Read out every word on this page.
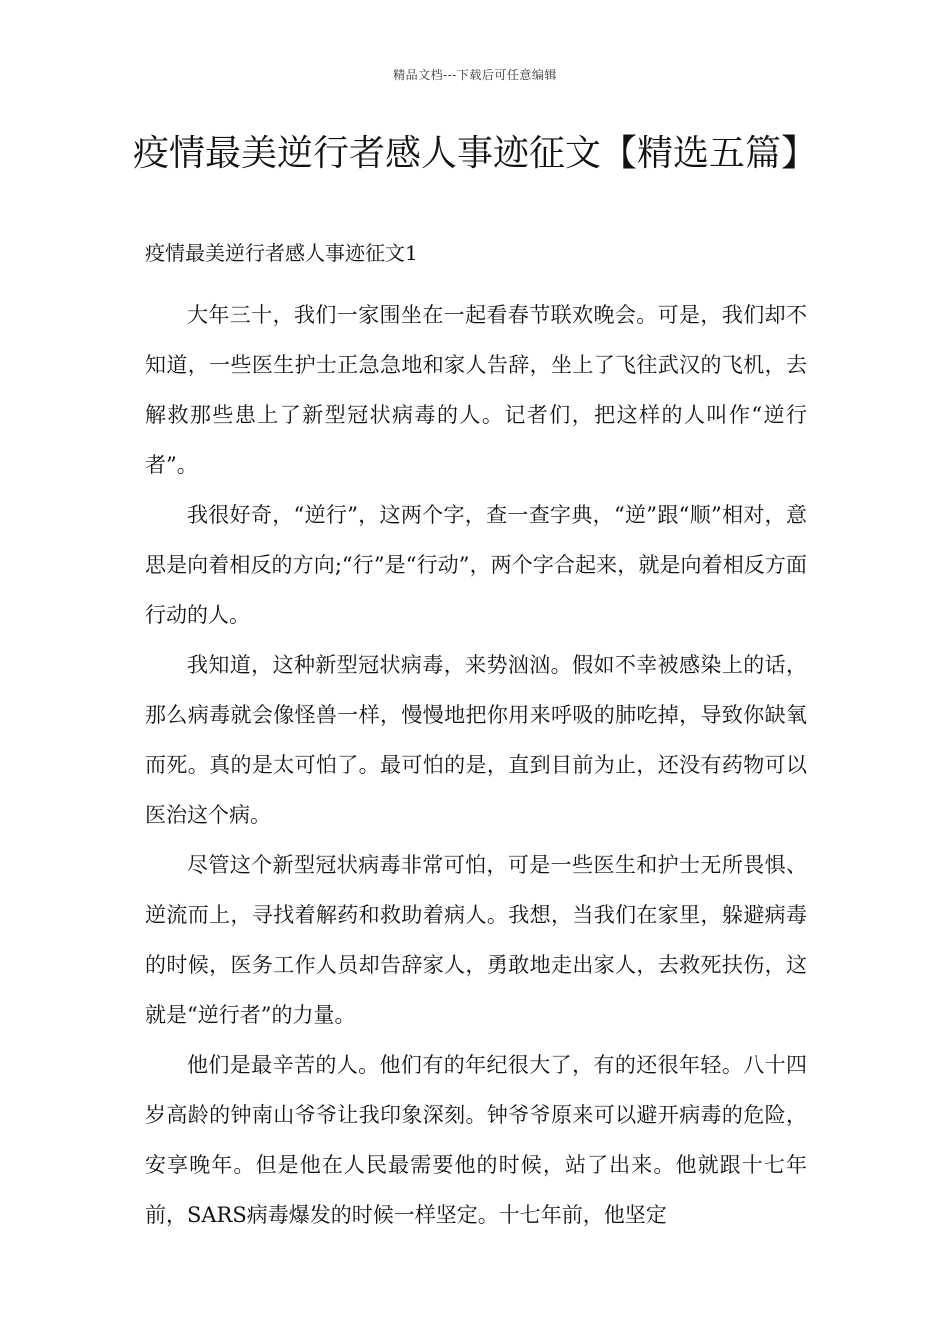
精品文档---下载后可任意编辑
疫情最美逆行者感人事迹征文【精选五篇】

疫情最美逆行者感人事迹征文1

大年三十，我们一家围坐在一起看春节联欢晚会。可是，我们却不知道，一些医生护士正急急地和家人告辞，坐上了飞往武汉的飞机，去解救那些患上了新型冠状病毒的人。记者们，把这样的人叫作“逆行者”。

我很好奇，“逆行”，这两个字，查一查字典，“逆”跟“顺”相对，意思是向着相反的方向;“行”是“行动”，两个字合起来，就是向着相反方面行动的人。

我知道，这种新型冠状病毒，来势汹汹。假如不幸被感染上的话，那么病毒就会像怪兽一样，慢慢地把你用来呼吸的肺吃掉，导致你缺氧而死。真的是太可怕了。最可怕的是，直到目前为止，还没有药物可以医治这个病。

尽管这个新型冠状病毒非常可怕，可是一些医生和护士无所畏惧、逆流而上，寻找着解药和救助着病人。我想，当我们在家里，躲避病毒的时候，医务工作人员却告辞家人，勇敢地走出家人，去救死扶伤，这就是“逆行者”的力量。

他们是最辛苦的人。他们有的年纪很大了，有的还很年轻。八十四岁高龄的钟南山爷爷让我印象深刻。钟爷爷原来可以避开病毒的危险，安享晚年。但是他在人民最需要他的时候，站了出来。他就跟十七年前，SARS病毒爆发的时候一样坚定。十七年前，他坚定
